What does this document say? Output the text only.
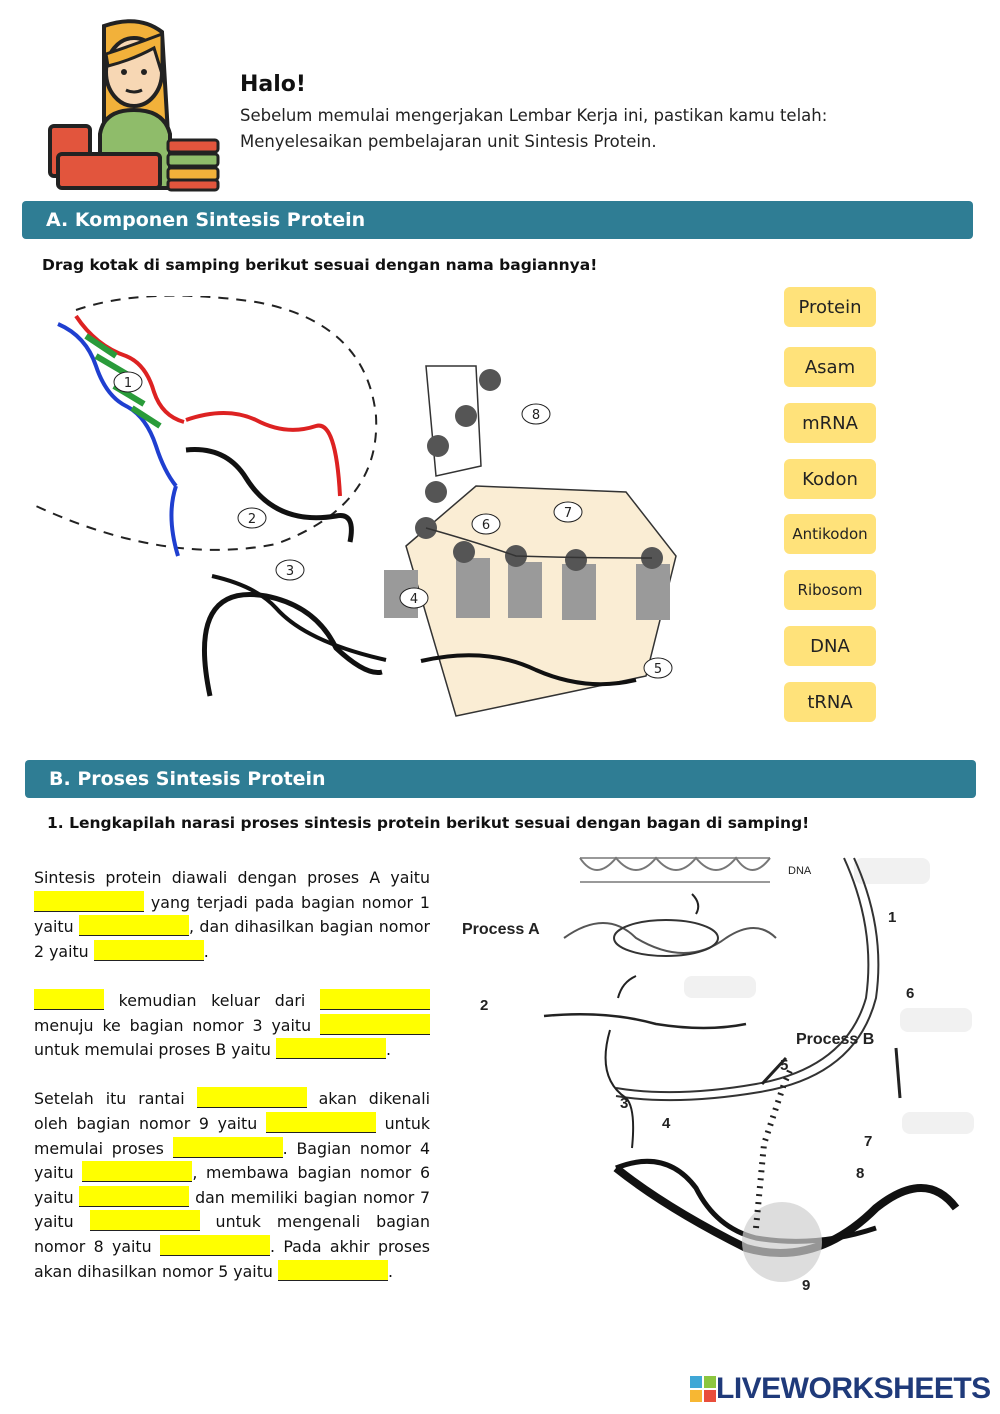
Halo!
Sebelum memulai mengerjakan Lembar Kerja ini, pastikan kamu telah:
Menyelesaikan pembelajaran unit Sintesis Protein.
A. Komponen Sintesis Protein
Drag kotak di samping berikut sesuai dengan nama bagiannya!
Protein
Asam
mRNA
Kodon
Antikodon
Ribosom
DNA
tRNA
1
2
3
4
5
6
7
8
B. Proses Sintesis Protein
1. Lengkapilah narasi proses sintesis protein berikut sesuai dengan bagan di samping!

Sintesis protein diawali dengan proses A yaitu  yang terjadi pada bagian nomor 1 yaitu	, dan dihasilkan bagian nomor 2 yaitu	.

kemudian keluar dari  menuju ke bagian nomor 3 yaitu  untuk memulai proses B yaitu	.

Setelah itu rantai	akan dikenali oleh bagian nomor 9 yaitu	untuk memulai proses	. Bagian nomor 4 yaitu	, membawa bagian nomor 6 yaitu	dan memiliki bagian nomor 7 yaitu	untuk mengenali bagian nomor 8 yaitu	. Pada akhir proses akan dihasilkan nomor 5 yaitu	.

DNA
Process A
Process B
1
2
3
4
5
6
7
8
9
LIVEWORKSHEETS
